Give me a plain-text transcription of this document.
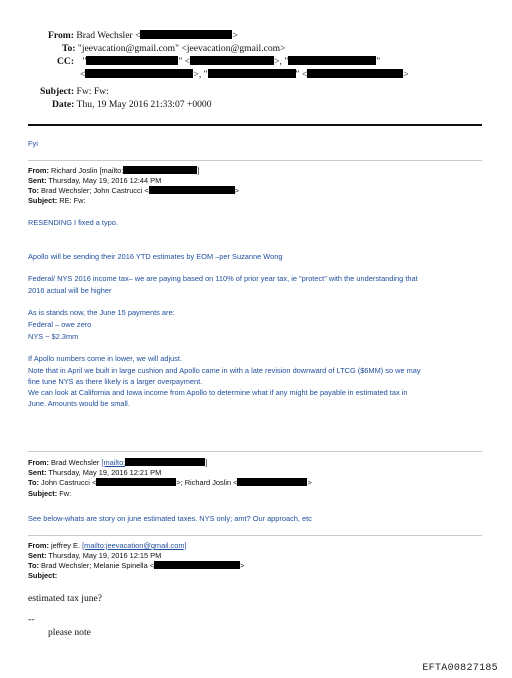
From: Brad Wechsler <	>
To: "jeevacation@gmail.com" <jeevacation@gmail.com>
CC: "	" <	>, "	"
<	>, "	" <	>
Subject: Fw: Fw:
Date: Thu, 19 May 2016 21:33:07 +0000
Fyi
From: Richard Joslin [mailto:	]
Sent: Thursday, May 19, 2016 12:44 PM
To: Brad Wechsler; John Castrucci <	>
Subject: RE: Fw:
RESENDING I fixed a typo.
Apollo will be sending their 2016 YTD estimates by EOM –per Suzanne Wong
Federal/ NYS 2016 income tax– we are paying based on 110% of prior year tax, ie "protect" with the understanding that
2016 actual will be higher
As is stands now, the June 15 payments are:
Federal – owe zero
NYS ~ $2.3mm
If Apollo numbers come in lower, we will adjust.
Note that in April we built in large cushion and Apollo came in with a late revision downward of LTCG ($6MM) so we may
fine tune NYS as there likely is a larger overpayment.
We can look at California and Iowa income from Apollo to determine what if any might be payable in estimated tax in
June. Amounts would be small.
From: Brad Wechsler [mailto:	]
Sent: Thursday, May 19, 2016 12:21 PM
To: John Castrucci <	>; Richard Joslin <	>
Subject: Fw:
See below-whats are story on june estimated taxes. NYS only; amt? Our approach, etc
From: jeffrey E. [mailto:jeevacation@gmail.com]
Sent: Thursday, May 19, 2016 12:15 PM
To: Brad Wechsler; Melanie Spinella <	>
Subject:
estimated tax june?
--
please note
EFTA00827185
